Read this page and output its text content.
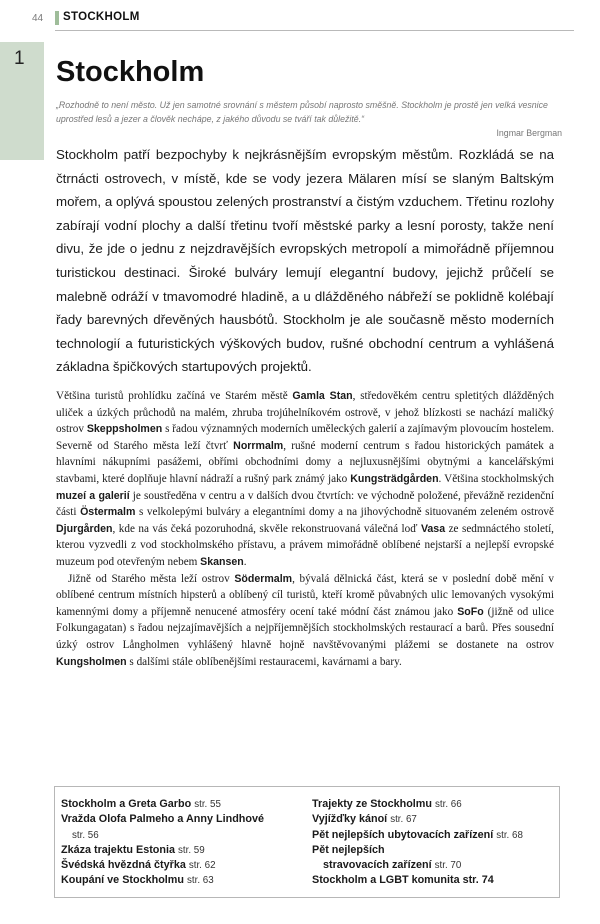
44 STOCKHOLM
1 Stockholm

„Rozhodně to není město. Už jen samotné srovnání s městem působí naprosto směšně. Stockholm je prostě jen velká vesnice uprostřed lesů a jezer a člověk nechápe, z jakého důvodu se tváří tak důležitě.“

Ingmar Bergman

Stockholm patří bezpochyby k nejkrásnějším evropským městům. Rozkládá se na čtrnácti ostrovech, v místě, kde se vody jezera Mälaren mísí se slaným Baltským mořem, a oplývá spoustou zelených prostranství a čistým vzduchem. Třetinu rozlohy zabírají vodní plochy a další třetinu tvoří městské parky a lesní porosty, takže není divu, že jde o jednu z nejzdravějších evropských metropolí a mimořádně příjemnou turistickou destinaci. Široké bulváry lemují elegantní budovy, jejichž průčelí se malebně odráží v tmavomodré hladině, a u dlážděného nábřeží se poklidně kolébají řady barevných dřevěných hausbótů. Stockholm je ale současně město moderních technologií a futuristických výškových budov, rušné obchodní centrum a vyhlášená základna špičkových startupových projektů.

Většina turistů prohlídku začíná ve Starém městě Gamla Stan, středověkém centru spletitých dlážděných uliček a úzkých průchodů na malém, zhruba trojúhelníkovém ostrově, v jehož blízkosti se nachází maličký ostrov Skeppsholmen s řadou významných moderních uměleckých galerií a zajímavým plovoucím hostelem. Severně od Starého města leží čtvrť Norrmalm, rušné moderní centrum s řadou historických památek a hlavními nákupními pasážemi, obřími obchodními domy a nejluxusnějšími obytnými a kancelářskými stavbami, které doplňuje hlavní nádraží a rušný park známý jako Kungsträdgården. Většina stockholmských muzeí a galerií je soustředěna v centru a v dalších dvou čtvrtích: ve východně položené, převážně rezidenční části Östermalm s velkolepými bulváry a elegantními domy a na jihovýchodně situovaném zeleném ostrově Djurgården, kde na vás čeká pozoruhodná, skvěle rekonstruovaná válečná loď Vasa ze sedmnáctého století, kterou vyzvedli z vod stockholmského přístavu, a právem mimořádně oblíbené nejstarší a nejlepší evropské muzeum pod otevřeným nebem Skansen.

Jižně od Starého města leží ostrov Södermalm, bývalá dělnická část, která se v poslední době mění v oblíbené centrum místních hipsterů a oblíbený cíl turistů, kteří kromě půvabných ulic lemovaných vysokými kamennými domy a příjemně nenucené atmosféry ocení také módní část známou jako SoFo (jižně od ulice Folkungagatan) s řadou nejzajímavějších a nejpříjemnějších stockholmských restaurací a barů. Přes sousední úzký ostrov Långholmen vyhlášený hlavně hojně navštěvovanými plážemi se dostanete na ostrov Kungsholmen s dalšími stále oblíbenějšími restauracemi, kavárnami a bary.

Stockholm a Greta Garbo str. 55
Vražda Olofa Palmeho a Anny Lindhové
str. 56
Zkáza trajektu Estonia str. 59
Švédská hvězdná čtyřka str. 62
Koupání ve Stockholmu str. 63
Trajekty ze Stockholmu str. 66
Vyjížďky kánoí str. 67
Pět nejlepších ubytovacích zařízení str. 68
Pět nejlepších
stravovacích zařízení str. 70
Stockholm a LGBT komunita str. 74
